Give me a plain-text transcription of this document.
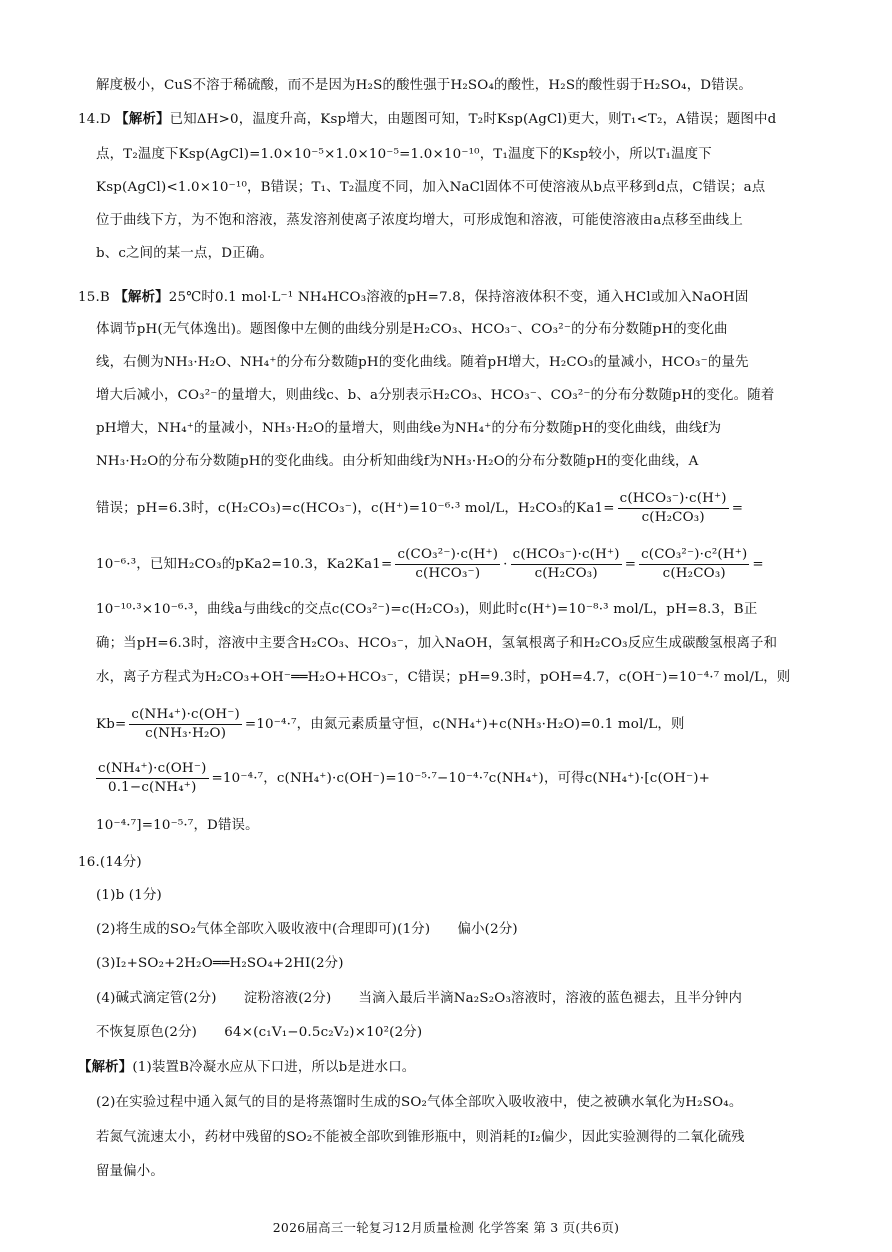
解度极小，CuS不溶于稀硫酸，而不是因为H₂S的酸性强于H₂SO₄的酸性，H₂S的酸性弱于H₂SO₄，D错误。
14.D 【解析】已知ΔH>0，温度升高，Ksp增大，由题图可知，T₂时Ksp(AgCl)更大，则T₁<T₂，A错误；题图中d
点，T₂温度下Ksp(AgCl)=1.0×10⁻⁵×1.0×10⁻⁵=1.0×10⁻¹⁰，T₁温度下的Ksp较小，所以T₁温度下
Ksp(AgCl)<1.0×10⁻¹⁰，B错误；T₁、T₂温度不同，加入NaCl固体不可使溶液从b点平移到d点，C错误；a点
位于曲线下方，为不饱和溶液，蒸发溶剂使离子浓度均增大，可形成饱和溶液，可能使溶液由a点移至曲线上
b、c之间的某一点，D正确。
15.B 【解析】25℃时0.1 mol·L⁻¹ NH₄HCO₃溶液的pH=7.8，保持溶液体积不变，通入HCl或加入NaOH固
体调节pH(无气体逸出)。题图像中左侧的曲线分别是H₂CO₃、HCO₃⁻、CO₃²⁻的分布分数随pH的变化曲
线，右侧为NH₃·H₂O、NH₄⁺的分布分数随pH的变化曲线。随着pH增大，H₂CO₃的量减小，HCO₃⁻的量先
增大后减小，CO₃²⁻的量增大，则曲线c、b、a分别表示H₂CO₃、HCO₃⁻、CO₃²⁻的分布分数随pH的变化。随着
pH增大，NH₄⁺的量减小，NH₃·H₂O的量增大，则曲线e为NH₄⁺的分布分数随pH的变化曲线，曲线f为
NH₃·H₂O的分布分数随pH的变化曲线。由分析知曲线f为NH₃·H₂O的分布分数随pH的变化曲线，A
错误；pH=6.3时，c(H₂CO₃)=c(HCO₃⁻)，c(H⁺)=10⁻⁶·³ mol/L，H₂CO₃的$Ka1= \frac{\text{c(HCO₃⁻)·c(H⁺)}}{\text{c(H₂CO₃)}}$ =
10⁻⁶·³，已知H₂CO₃的pKa2=10.3，$Ka2Ka1= \frac{\text{c(CO₃²⁻)·c(H⁺)}}{\text{c(HCO₃⁻)}} \cdot \frac{\text{c(HCO₃⁻)·c(H⁺)}}{\text{c(H₂CO₃)}} = \frac{\text{c(CO₃²⁻)·c²(H⁺)}}{\text{c(H₂CO₃)}}$ =
10⁻¹⁰·³×10⁻⁶·³，曲线a与曲线c的交点c(CO₃²⁻)=c(H₂CO₃)，则此时c(H⁺)=10⁻⁸·³ mol/L，pH=8.3，B正
确；当pH=6.3时，溶液中主要含H₂CO₃、HCO₃⁻，加入NaOH，氢氧根离子和H₂CO₃反应生成碳酸氢根离子和
水，离子方程式为H₂CO₃+OH⁻══H₂O+HCO₃⁻，C错误；pH=9.3时，pOH=4.7，c(OH⁻)=10⁻⁴·⁷ mol/L，则
$Kb= \frac{\text{c(NH₄⁺)·c(OH⁻)}}{\text{c(NH₃·H₂O)}} =10^{-4}\cdot^7$，由氮元素质量守恒，c(NH₄⁺)+c(NH₃·H₂O)=0.1 mol/L，则
$\frac{\text{c(NH₄⁺)·c(OH⁻)}}{\text{0.1−c(NH₄⁺)}} =10^{-4}\cdot^7$，c(NH₄⁺)·c(OH⁻)=10⁻⁵·⁷−10⁻⁴·⁷c(NH₄⁺)，可得c(NH₄⁺)·[c(OH⁻)+
10⁻⁴·⁷]=10⁻⁵·⁷，D错误。
16.(14分)
(1)b (1分)
(2)将生成的SO₂气体全部吹入吸收液中(合理即可)(1分)　　偏小(2分)
(3)I₂+SO₂+2H₂O══H₂SO₄+2HI(2分)
(4)碱式滴定管(2分)　　淀粉溶液(2分)　　当滴入最后半滴Na₂S₂O₃溶液时，溶液的蓝色褪去，且半分钟内
不恢复原色(2分)　　64×(c₁V₁−0.5c₂V₂)×10²(2分)
【解析】(1)装置B冷凝水应从下口进，所以b是进水口。
(2)在实验过程中通入氮气的目的是将蒸馏时生成的SO₂气体全部吹入吸收液中，使之被碘水氧化为H₂SO₄。
若氮气流速太小，药材中残留的SO₂不能被全部吹到锥形瓶中，则消耗的I₂偏少，因此实验测得的二氧化硫残
留量偏小。
2026届高三一轮复习12月质量检测 化学答案 第 3 页(共6页)
